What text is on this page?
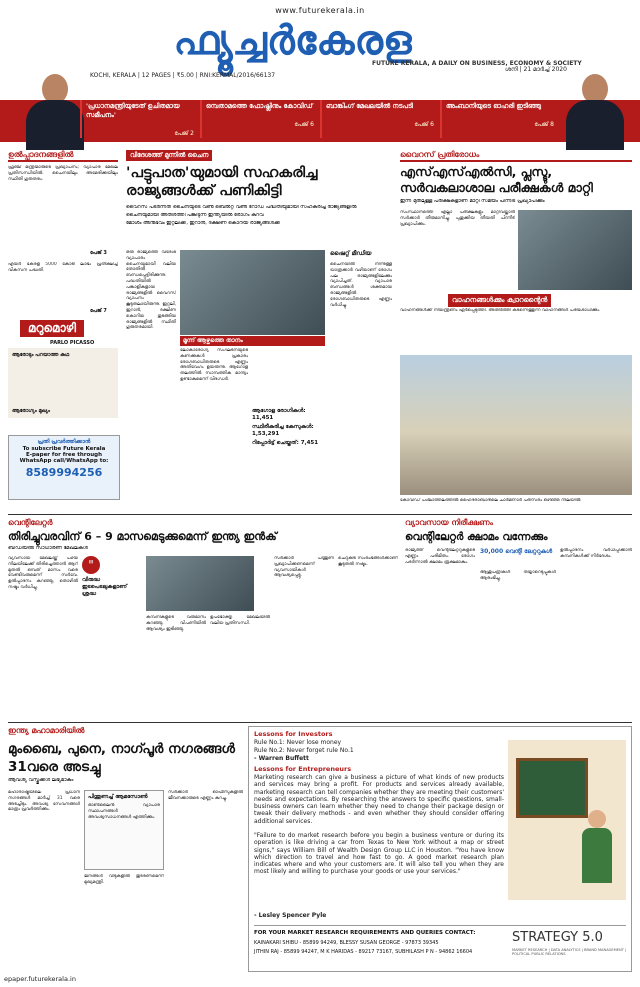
www.futurekerala.in
ഫ്യൂച്ചർകേരള
FUTURE KERALA, A DAILY ON BUSINESS, ECONOMY & SOCIETY
ശനി | 21 മാർച്ച് 2020
KOCHI, KERALA | 12 PAGES | ₹5.00 | RNI:KERMAL/2016/66137
'പ്രധാനമന്ത്രിയുടേത് ഉചിതമായ സമീപനം'
പേജ് 2
ഒമ്പതാമത്തെ ഫോഷ്ലിനും കോവിഡ്
പേജ് 6
ബാങ്കിംഗ് മേഖലയിൽ നടപടി
പേജ് 6
അംബാനിയുടെ ഓഹരി ഇടിഞ്ഞു
പേജ് 8
ഉൽപ്പാദനങ്ങളിൽ
ഫ്രഞ്ച് മന്ത്രിമാരുടെ പ്രഖ്യാപനം; വ്യാപാര മേഖല പ്രതിസന്ധിയിൽ. ചൈനയിലും അമേരിക്കയിലും സ്ഥിതി ഗുരുതരം.
പേജ് 3
എയർ കേരള 5000 കോടി ലാഭം പ്രതീക്ഷിച്ച് വികസന പദ്ധതി.
പേജ് 7
മറുമൊഴി
PARLO PICASSO
ആരോടും പറയാത്ത കഥ
ആരോഗ്യം മുഖ്യം
പ്രതി പ്രവർത്തിക്കാൻ
To subscribe Future Kerala
E-paper for free through
WhatsApp call/WhatsApp to:
8589994256
വിദേശത്ത് മുന്നിൽ ചൈന
'പട്ടുപാത'യുമായി സഹകരിച്ച രാജ്യങ്ങൾക്ക് പണികിട്ടി
വൈറസ് പടർന്നത് ചൈനയുടെ വൺ ബെൽറ്റ് വൺ റോഡ് പദ്ധതിയുമായി സഹകരിച്ച രാജ്യങ്ങളിൽ
ചൈനയുമായി അതിർത്തി പങ്കിടുന്ന ഇന്ത്യയിൽ രോഗം കുറവ്
മോശം അനുഭവം ഇറ്റലിക്ക്, ഇറാൻ, ദക്ഷിണ കൊറിയ രാജ്യങ്ങൾക്ക്
മൂന്ന് ആഴ്ചത്തെ താനം
ഒരു രാജ്യത്തെ വിദേശ വ്യാപാരം ചൈനയുമായി വലിയ തോതിൽ ബന്ധപ്പെട്ടിരിക്കുന്നു. പദ്ധതിയിൽ പങ്കാളികളായ രാജ്യങ്ങളിൽ വൈറസ് വ്യാപനം കൂടുതലായിരുന്നു. ഇറ്റലി, ഇറാൻ, ദക്ഷിണ കൊറിയ തുടങ്ങിയ രാജ്യങ്ങളിൽ സ്ഥിതി ഗുരുതരമായി.
ഷൈറ്റ് മീഡിയ
ചൈനയിൽ നിന്നുള്ള യാത്രക്കാർ വഴിയാണ് രോഗം പല രാജ്യങ്ങളിലേക്കും വ്യാപിച്ചത്. വ്യാപാര ബന്ധങ്ങൾ ശക്തമായ രാജ്യങ്ങളിൽ രോഗബാധിതരുടെ എണ്ണം വർധിച്ചു.
ലോകാരോഗ്യ സംഘടനയുടെ കണക്കുകൾ പ്രകാരം രോഗബാധിതരുടെ എണ്ണം അതിവേഗം ഉയരുന്നു. ആഗോള തലത്തിൽ സാമ്പത്തിക മാന്ദ്യം ഉണ്ടാകുമെന്ന് വിദഗ്ധർ.
ആഗോള രോഗികൾ: 11,451
സ്ഥിരീകരിച്ച കേസുകൾ: 1,53,291
റിപ്പോർട്ട് ചെയ്തത്: 7,451
വൈറസ് പ്രതിരോധം
എസ്എസ്എൽസി, പ്ലസ്ടു, സർവകലാശാല പരീക്ഷകൾ മാറ്റി
ഇന്ന് മുതലുള്ള പരീക്ഷകളാണ് മാറ്റി സമയം പിന്നീട് പ്രഖ്യാപിക്കും
സംസ്ഥാനത്തെ എല്ലാ പരീക്ഷകളും മാറ്റിവയ്ക്കാൻ സർക്കാർ തീരുമാനിച്ചു. പുതുക്കിയ തീയതി പിന്നീട് പ്രഖ്യാപിക്കും.
വാഹനങ്ങൾക്കും ക്വാറന്റൈൻ
വാഹനങ്ങൾക്ക് നിയന്ത്രണം ഏർപ്പെടുത്തി. അതിർത്തി കടന്നെത്തുന്ന വാഹനങ്ങൾ പരിശോധിക്കും.
കോവിഡ് പശ്ചാത്തലത്തിൽ ഹൈദരാബാദിലെ ചാർമിനാർ പരിസരം ഒഴിഞ്ഞ നിലയിൽ
വെന്റിലേറ്റർ
തിരിച്ചുവരവിന് 6 – 9 മാസമെടുക്കുമെന്ന് ഇന്ത്യ ഇൻക്
ബിഡിയിൽ സാധാരണ മേഖലകൾ
വ്യവസായ മേഖലയ്ക്ക് പഴയ നിലയിലേക്ക് തിരിച്ചെത്താൻ ആറ് മുതൽ ഒമ്പത് മാസം വരെ വേണ്ടിവരുമെന്ന് സർവേ. ഉൽപ്പാദനം കുറഞ്ഞു, തൊഴിൽ നഷ്ടം വർധിച്ചു.
"
വിരുദ്ധ ഇടപെടലുകളാണ് ശ്രദ്ധ
കമ്പനികളുടെ വരുമാനം കുറഞ്ഞു. വിപണിയിൽ ആവശ്യം ഇടിഞ്ഞു.
ഉപഭോക്തൃ മേഖലയിൽ വലിയ പ്രതിസന്ധി.
സർക്കാർ പിന്തുണ പ്രഖ്യാപിക്കണമെന്ന് വ്യവസായികൾ ആവശ്യപ്പെട്ടു.
ചെറുകിട സംരംഭങ്ങൾക്കാണ് കൂടുതൽ നഷ്ടം.
വ്യാവസായ നിരീക്ഷണം
വെന്റിലേറ്റർ ക്ഷാമം വന്നേക്കും
രാജ്യത്ത് വെന്റിലേറ്ററുകളുടെ എണ്ണം പരിമിതം. രോഗം പടർന്നാൽ ക്ഷാമം രൂക്ഷമാകും.
30,000 വെന്റി ലേറ്ററുകൾ
ആശുപത്രികൾ തയ്യാറെടുപ്പുകൾ ആരംഭിച്ചു.
ഉൽപ്പാദനം വർധിപ്പിക്കാൻ കമ്പനികൾക്ക് നിർദേശം.
ഇന്ത്യ മഹാമാരിയിൽ
മുംബൈ, പുനെ, നാഗ്പൂർ നഗരങ്ങൾ 31വരെ അടച്ചു
ആവശ്യ വസ്തുക്കൾ ലഭ്യമാകും
മഹാരാഷ്ട്രയിലെ പ്രധാന നഗരങ്ങൾ മാർച്ച് 31 വരെ അടച്ചിടും. അവശ്യ സേവനങ്ങൾ മാത്രം പ്രവർത്തിക്കും.
പിന്തുണച്ച് ആമസോൺ
ഓൺലൈൻ വ്യാപാര സ്ഥാപനങ്ങൾ അവശ്യസാധനങ്ങൾ എത്തിക്കും.
ജനങ്ങൾ വീടുകളിൽ തുടരണമെന്ന് മുഖ്യമന്ത്രി.
സർക്കാർ ഓഫീസുകളിൽ ജീവനക്കാരുടെ എണ്ണം കുറച്ചു.
Lessons for Investors
Rule No.1: Never lose money
Rule No.2: Never forget rule No.1
- Warren Buffett
Lessons for Entrepreneurs
Marketing research can give a business a picture of what kinds of new products and services may bring a profit. For products and services already available, marketing research can tell companies whether they are meeting their customers' needs and expectations. By researching the answers to specific questions, small-business owners can learn whether they need to change their package design or tweak their delivery methods - and even whether they should consider offering additional services.
"Failure to do market research before you begin a business venture or during its operation is like driving a car from Texas to New York without a map or street signs," says William Bill of Wealth Design Group LLC in Houston. "You have know which direction to travel and how fast to go. A good market research plan indicates where and who your customers are. It will also tell you when they are most likely and willing to purchase your goods or use your services."
- Lesley Spencer Pyle
FOR YOUR MARKET RESEARCH REQUIREMENTS AND QUERIES CONTACT:
KAINAKARI SHIBU - 85899 94249, BLESSY SUSAN GEORGE - 97873 39345
JITHIN RAJ - 85899 94247, M K HARIDAS - 89217 73167, SUBHILASH P N - 94862 16604
STRATEGY 5.0
MARKET RESEARCH | DATA ANALYTICS | BRAND MANAGEMENT | POLITICAL PUBLIC RELATIONS
epaper.futurekerala.in
